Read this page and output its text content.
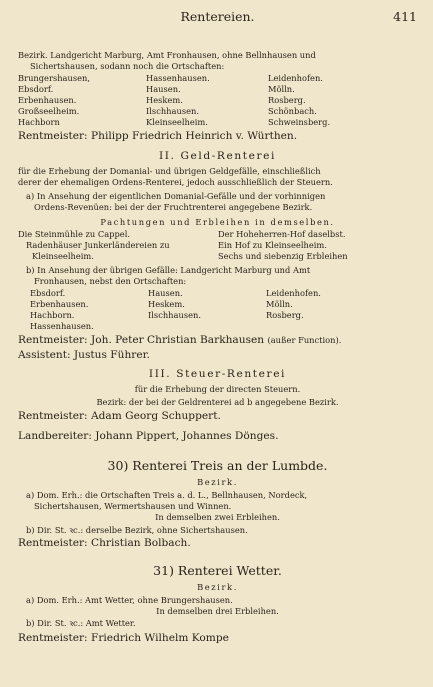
Rentereien.	411
Bezirk. Landgericht Marburg, Amt Fronhausen, ohne Bellnhausen und
Sichertshausen, sodann noch die Ortschaften:
Brungershausen,	Hassenhausen.	Leidenhofen.
Ebsdorf.	Hausen.	Mölln.
Erbenhausen.	Heskem.	Rosberg.
Großseelheim.	Ilschhausen.	Schönbach.
Hachborn	Kleinseelheim.	Schweinsberg.
Rentmeister: Philipp Friedrich Heinrich v. Würthen.
II. Geld-Renterei
für die Erhebung der Domanial- und übrigen Geldgefälle, einschließlich
derer der ehemaligen Ordens-Renterei, jedoch ausschließlich der Steuern.
a) In Ansehung der eigentlichen Domanial-Gefälle und der vorhinnigen
Ordens-Revenüen: bei der der Fruchtrenterei angegebene Bezirk.
Pachtungen und Erbleihen in demselben.
Die Steinmühle zu Cappel.	Der Hoheherren-Hof daselbst.
Radenhäuser Junkerländereien zu	Ein Hof zu Kleinseelheim.
Kleinseelheim.	Sechs und siebenzig Erbleihen
b) In Ansehung der übrigen Gefälle: Landgericht Marburg und Amt
Fronhausen, nebst den Ortschaften:
Ebsdorf.	Hausen.	Leidenhofen.
Erbenhausen.	Heskem.	Mölln.
Hachborn.	Ilschhausen.	Rosberg.
Hassenhausen.
Rentmeister: Joh. Peter Christian Barkhausen (außer Function).
Assistent: Justus Führer.
III. Steuer-Renterei
für die Erhebung der directen Steuern.
Bezirk: der bei der Geldrenterei ad b angegebene Bezirk.
Rentmeister: Adam Georg Schuppert.
Landbereiter: Johann Pippert, Johannes Dönges.
30) Renterei Treis an der Lumbde.
Bezirk.
a) Dom. Erh.: die Ortschaften Treis a. d. L., Bellnhausen, Nordeck,
Sichertshausen, Wermertshausen und Winnen.
In demselben zwei Erbleihen.
b) Dir. St. ꝛc.: derselbe Bezirk, ohne Sichertshausen.
Rentmeister: Christian Bolbach.
31) Renterei Wetter.
Bezirk.
a) Dom. Erh.: Amt Wetter, ohne Brungershausen.
In demselben drei Erbleihen.
b) Dir. St. ꝛc.: Amt Wetter.
Rentmeister: Friedrich Wilhelm Kompe
